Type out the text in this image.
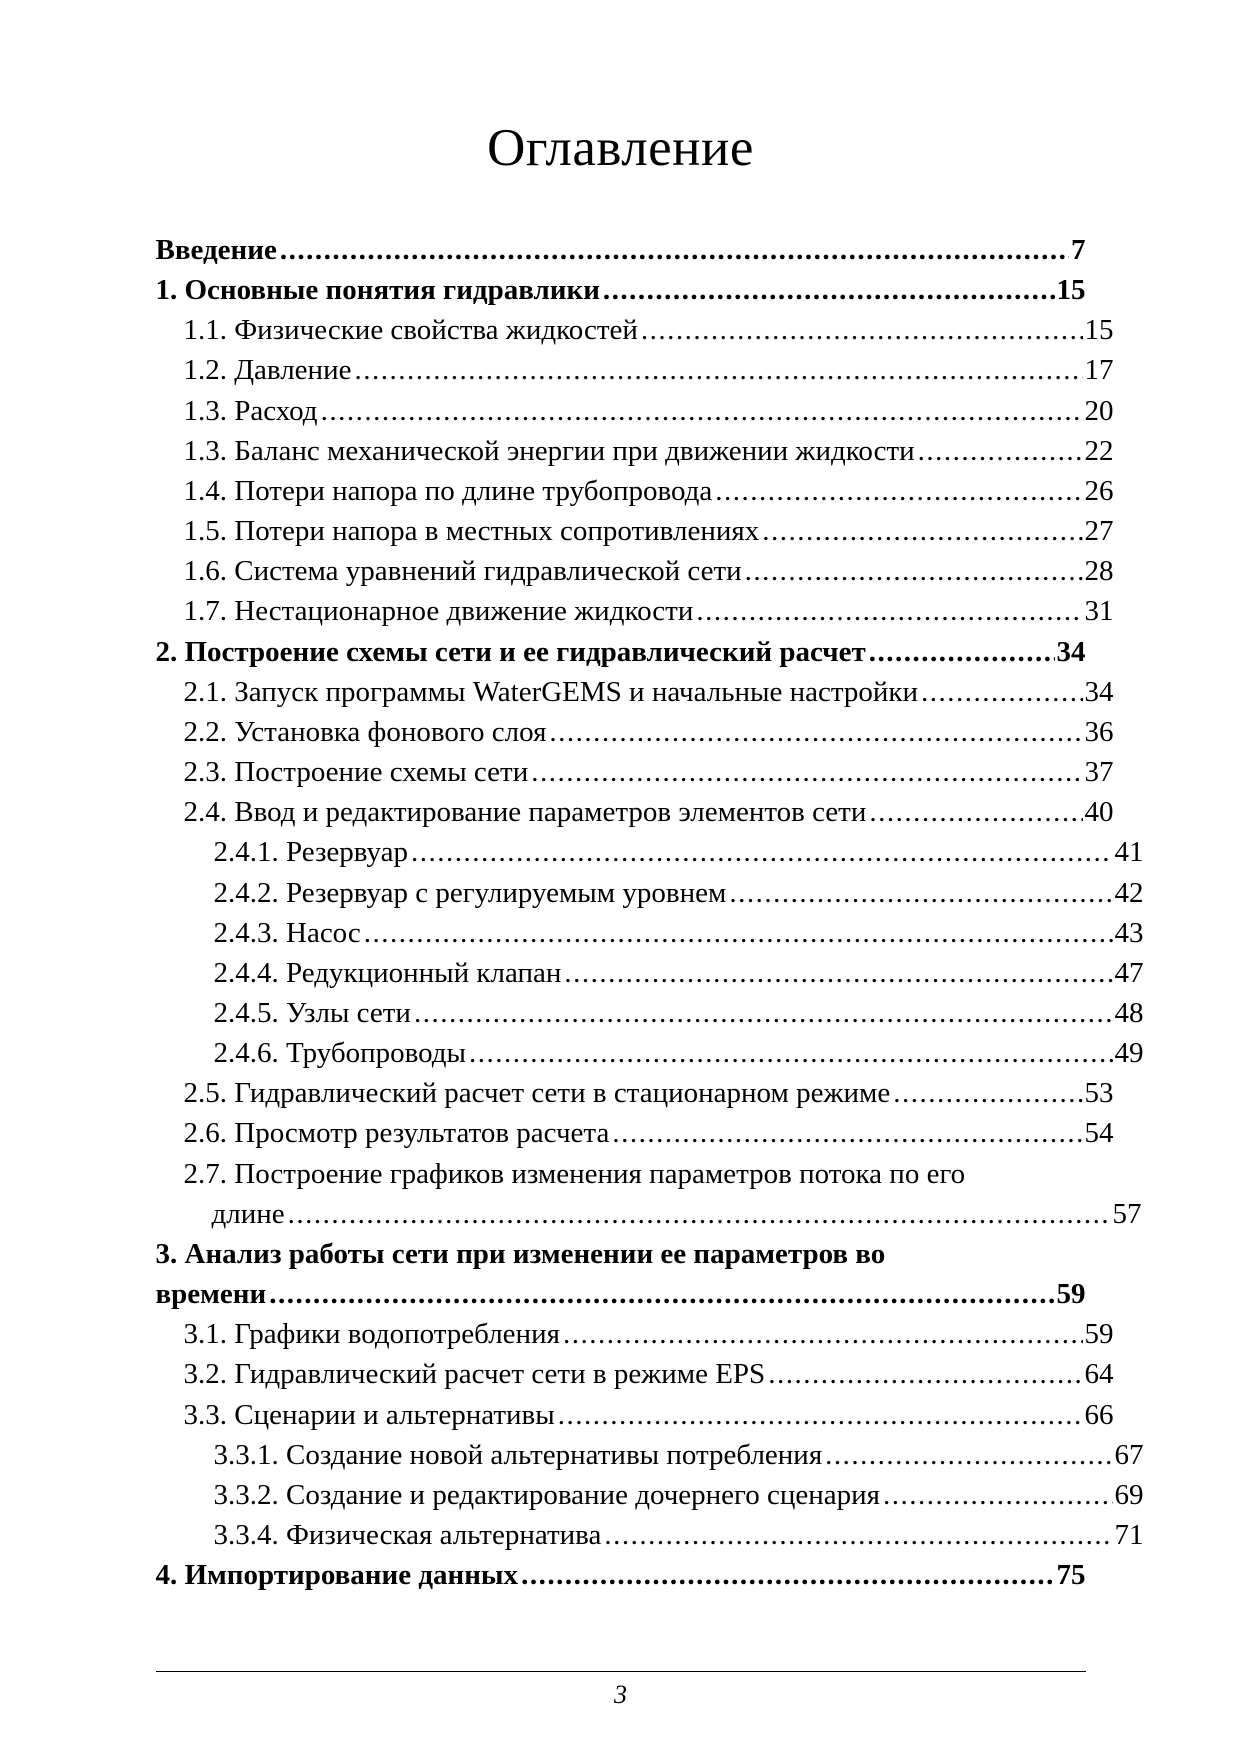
Оглавление
Введение .....	7
1. Основные понятия гидравлики .....	15
1.1. Физические свойства жидкостей .....	15
1.2. Давление .....	17
1.3. Расход .....	20
1.3. Баланс механической энергии при движении жидкости .....	22
1.4. Потери напора по длине трубопровода .....	26
1.5. Потери напора в местных сопротивлениях .....	27
1.6. Система уравнений гидравлической сети .....	28
1.7. Нестационарное движение жидкости .....	31
2. Построение схемы сети и ее гидравлический расчет .....	34
2.1. Запуск программы WaterGEMS и начальные настройки .....	34
2.2. Установка фонового слоя .....	36
2.3. Построение схемы сети .....	37
2.4. Ввод и редактирование параметров элементов сети .....	40
2.4.1. Резервуар .....	41
2.4.2. Резервуар с регулируемым уровнем .....	42
2.4.3. Насос .....	43
2.4.4. Редукционный клапан .....	47
2.4.5. Узлы сети .....	48
2.4.6. Трубопроводы .....	49
2.5. Гидравлический расчет сети в стационарном режиме .....	53
2.6. Просмотр результатов расчета .....	54
2.7. Построение графиков изменения параметров потока по его
длине .....	57
3. Анализ работы сети при изменении ее параметров во
времени .....	59
3.1. Графики водопотребления .....	59
3.2. Гидравлический расчет сети в режиме EPS .....	64
3.3. Сценарии и альтернативы .....	66
3.3.1. Создание новой альтернативы потребления .....	67
3.3.2. Создание и редактирование дочернего сценария .....	69
3.3.4. Физическая альтернатива .....	71
4. Импортирование данных .....	75
3
